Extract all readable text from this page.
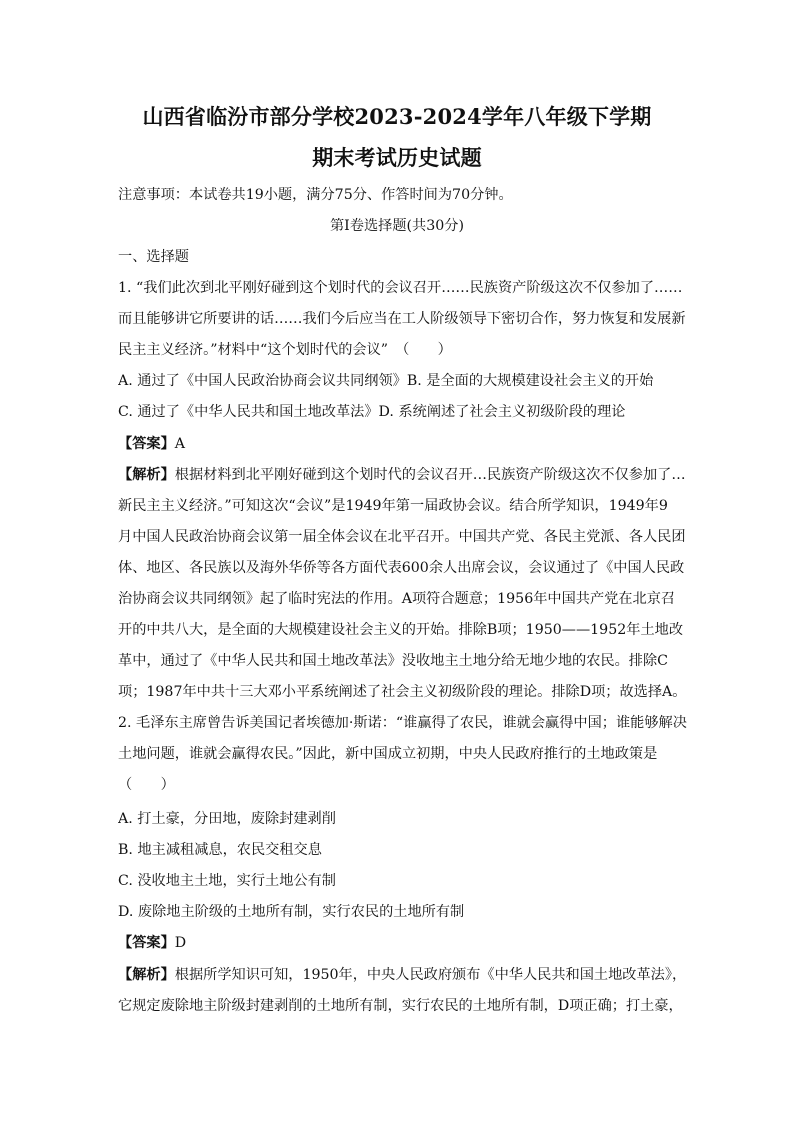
山西省临汾市部分学校2023-2024学年八年级下学期
期末考试历史试题
注意事项：本试卷共19小题，满分75分、作答时间为70分钟。
第I卷选择题(共30分)
一、选择题
1. “我们此次到北平刚好碰到这个划时代的会议召开……民族资产阶级这次不仅参加了……
而且能够讲它所要讲的话……我们今后应当在工人阶级领导下密切合作，努力恢复和发展新
民主主义经济。”材料中“这个划时代的会议”　（　　）
A. 通过了《中国人民政治协商会议共同纲领》B. 是全面的大规模建设社会主义的开始
C. 通过了《中华人民共和国土地改革法》D. 系统阐述了社会主义初级阶段的理论
【答案】A
【解析】根据材料到北平刚好碰到这个划时代的会议召开…民族资产阶级这次不仅参加了…
新民主主义经济。”可知这次“会议”是1949年第一届政协会议。结合所学知识，1949年9
月中国人民政治协商会议第一届全体会议在北平召开。中国共产党、各民主党派、各人民团
体、地区、各民族以及海外华侨等各方面代表600余人出席会议，会议通过了《中国人民政
治协商会议共同纲领》起了临时宪法的作用。A项符合题意；1956年中国共产党在北京召
开的中共八大，是全面的大规模建设社会主义的开始。排除B项；1950——1952年土地改
革中，通过了《中华人民共和国土地改革法》没收地主土地分给无地少地的农民。排除C
项；1987年中共十三大邓小平系统阐述了社会主义初级阶段的理论。排除D项；故选择A。
2. 毛泽东主席曾告诉美国记者埃德加·斯诺：“谁赢得了农民，谁就会赢得中国；谁能够解决
土地问题，谁就会赢得农民。”因此，新中国成立初期，中央人民政府推行的土地政策是
（　　）
A. 打土豪，分田地，废除封建剥削
B. 地主减租减息，农民交租交息
C. 没收地主土地，实行土地公有制
D. 废除地主阶级的土地所有制，实行农民的土地所有制
【答案】D
【解析】根据所学知识可知，1950年，中央人民政府颁布《中华人民共和国土地改革法》，
它规定废除地主阶级封建剥削的土地所有制，实行农民的土地所有制，D项正确；打土豪，
